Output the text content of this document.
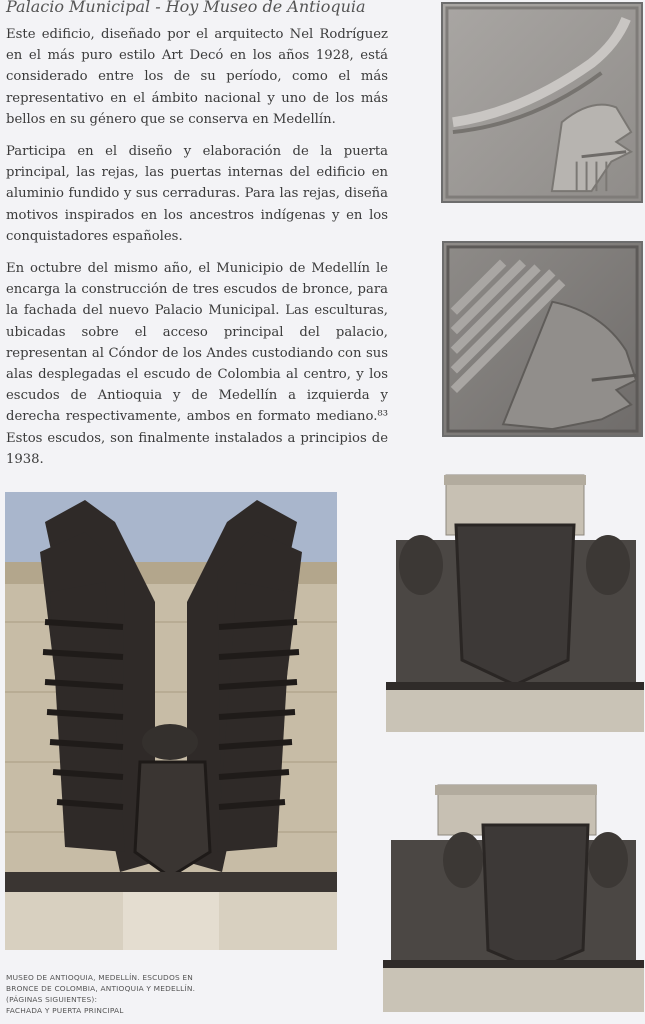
Palacio Municipal - Hoy Museo de Antioquia

Este edificio, diseñado por el arquitecto Nel Rodríguez en el más puro estilo Art Decó en los años 1928, está considerado entre los de su período, como el más representativo en el ámbito nacional y uno de los más bellos en su género que se conserva en Medellín.

Participa en el diseño y elaboración de la puerta principal, las rejas, las puertas internas del edificio en aluminio fundido y sus cerraduras. Para las rejas, diseña motivos inspirados en los ancestros indígenas y en los conquistadores españoles.

En octubre del mismo año, el Municipio de Medellín le encarga la construcción de tres escudos de bronce, para la fachada del nuevo Palacio Municipal. Las esculturas, ubicadas sobre el acceso principal del palacio, representan al Cóndor de los Andes custodiando con sus alas desplegadas el escudo de Colombia al centro, y los escudos de Antioquia y de Medellín a izquierda y derecha respectivamente, ambos en formato mediano.⁸³ Estos escudos, son finalmente instalados a principios de 1938.

MUSEO DE ANTIOQUIA, MEDELLÍN. ESCUDOS EN
BRONCE DE COLOMBIA, ANTIOQUIA Y MEDELLÍN.
(PÁGINAS SIGUIENTES):
FACHADA Y PUERTA PRINCIPAL
